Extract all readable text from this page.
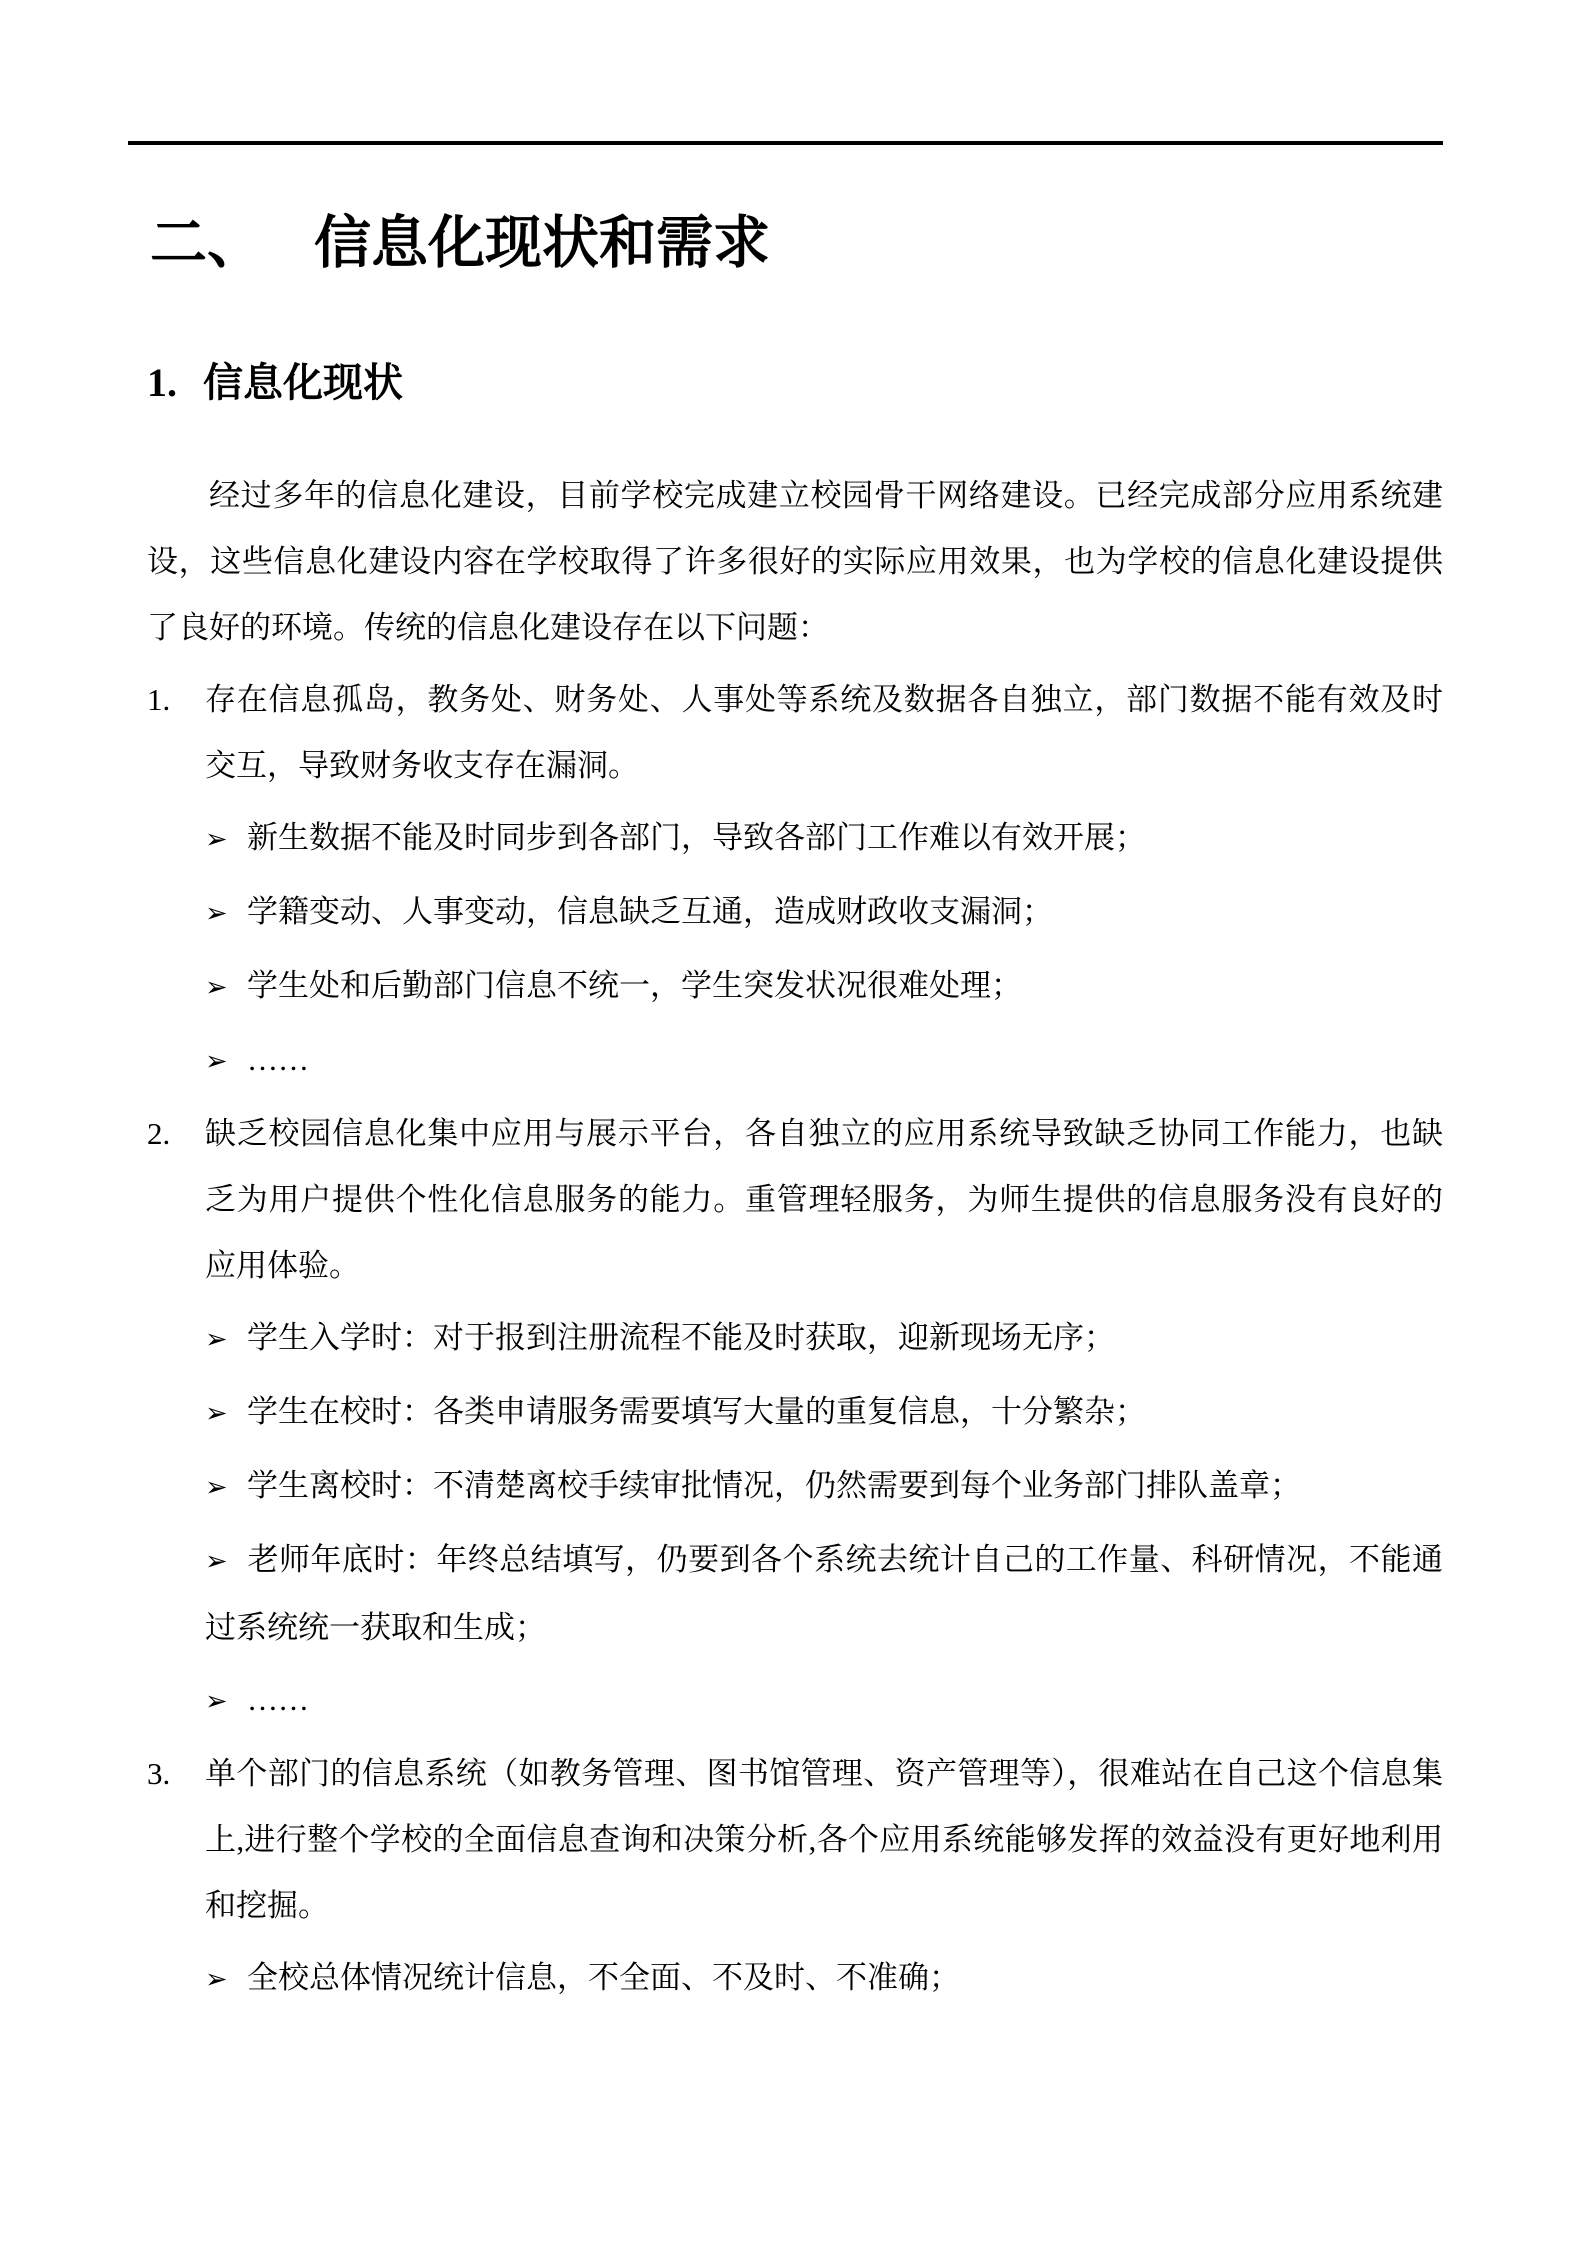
二、 信息化现状和需求
1. 信息化现状
经过多年的信息化建设，目前学校完成建立校园骨干网络建设。已经完成部分应用系统建设，这些信息化建设内容在学校取得了许多很好的实际应用效果，也为学校的信息化建设提供了良好的环境。传统的信息化建设存在以下问题：
1.	存在信息孤岛，教务处、财务处、人事处等系统及数据各自独立，部门数据不能有效及时交互，导致财务收支存在漏洞。
➢ 新生数据不能及时同步到各部门，导致各部门工作难以有效开展；
➢ 学籍变动、人事变动，信息缺乏互通，造成财政收支漏洞；
➢ 学生处和后勤部门信息不统一，学生突发状况很难处理；
➢ ……
2.	缺乏校园信息化集中应用与展示平台，各自独立的应用系统导致缺乏协同工作能力，也缺乏为用户提供个性化信息服务的能力。重管理轻服务，为师生提供的信息服务没有良好的应用体验。
➢ 学生入学时：对于报到注册流程不能及时获取，迎新现场无序；
➢ 学生在校时：各类申请服务需要填写大量的重复信息，十分繁杂；
➢ 学生离校时：不清楚离校手续审批情况，仍然需要到每个业务部门排队盖章；
➢ 老师年底时：年终总结填写，仍要到各个系统去统计自己的工作量、科研情况，不能通过系统统一获取和生成；
➢ ……
3.	单个部门的信息系统（如教务管理、图书馆管理、资产管理等），很难站在自己这个信息集上,进行整个学校的全面信息查询和决策分析,各个应用系统能够发挥的效益没有更好地利用和挖掘。
➢ 全校总体情况统计信息，不全面、不及时、不准确；
